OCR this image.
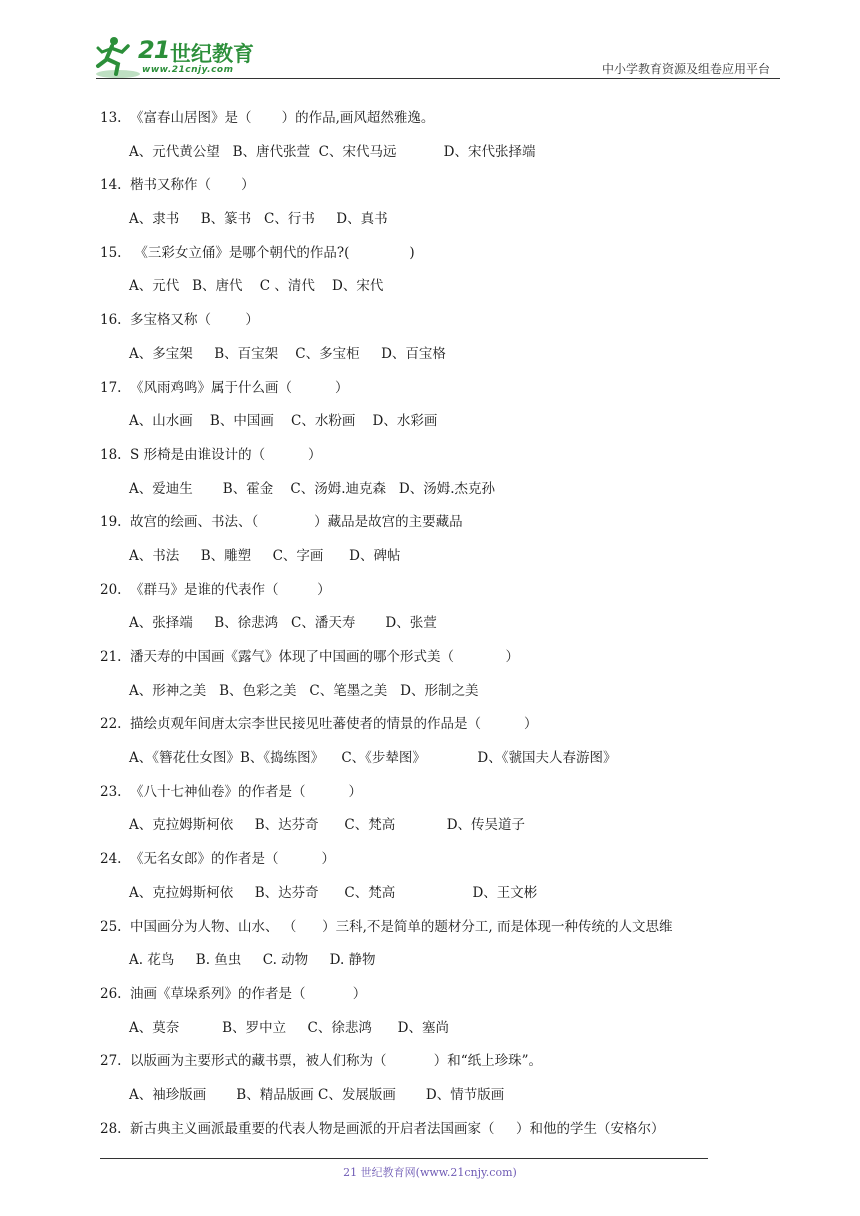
21 世纪教育
www.21cnjy.com	中小学教育资源及组卷应用平台
13.  《富春山居图》是（       ）的作品,画风超然雅逸。
A、元代黄公望   B、唐代张萱  C、宋代马远           D、宋代张择端
14.  楷书又称作（       ）
A、隶书     B、篆书   C、行书     D、真书
15.   《三彩女立俑》是哪个朝代的作品?(              )
A、元代   B、唐代    C 、清代    D、宋代
16.  多宝格又称（        ）
A、多宝架     B、百宝架    C、多宝柜     D、百宝格
17.  《风雨鸡鸣》属于什么画（          ）
A、山水画    B、中国画    C、水粉画    D、水彩画
18.  S 形椅是由谁设计的（          ）
A、爱迪生       B、霍金    C、汤姆.迪克森   D、汤姆.杰克孙
19.  故宫的绘画、书法、（             ）藏品是故宫的主要藏品
A、书法     B、雕塑     C、字画      D、碑帖
20.  《群马》是谁的代表作（         ）
A、张择端     B、徐悲鸿   C、潘天寿       D、张萱
21.  潘天寿的中国画《露气》体现了中国画的哪个形式美（            ）
A、形神之美   B、色彩之美   C、笔墨之美   D、形制之美
22.  描绘贞观年间唐太宗李世民接见吐蕃使者的情景的作品是（          ）
A、《簪花仕女图》B、《捣练图》    C、《步辇图》            D、《虢国夫人春游图》
23.  《八十七神仙卷》的作者是（          ）
A、克拉姆斯柯依     B、达芬奇      C、梵高            D、传吴道子
24.  《无名女郎》的作者是（          ）
A、克拉姆斯柯依     B、达芬奇      C、梵高                  D、王文彬
25.  中国画分为人物、山水、 （      ）三科,不是简单的题材分工, 而是体现一种传统的人文思维
A. 花鸟     B. 鱼虫     C. 动物     D. 静物
26.  油画《草垛系列》的作者是（           ）
A、莫奈          B、罗中立     C、徐悲鸿      D、塞尚
27.  以版画为主要形式的藏书票，被人们称为（           ）和“纸上珍珠”。
A、袖珍版画       B、精品版画 C、发展版画       D、情节版画
28.  新古典主义画派最重要的代表人物是画派的开启者法国画家（     ）和他的学生（安格尔）
21 世纪教育网(www.21cnjy.com)
